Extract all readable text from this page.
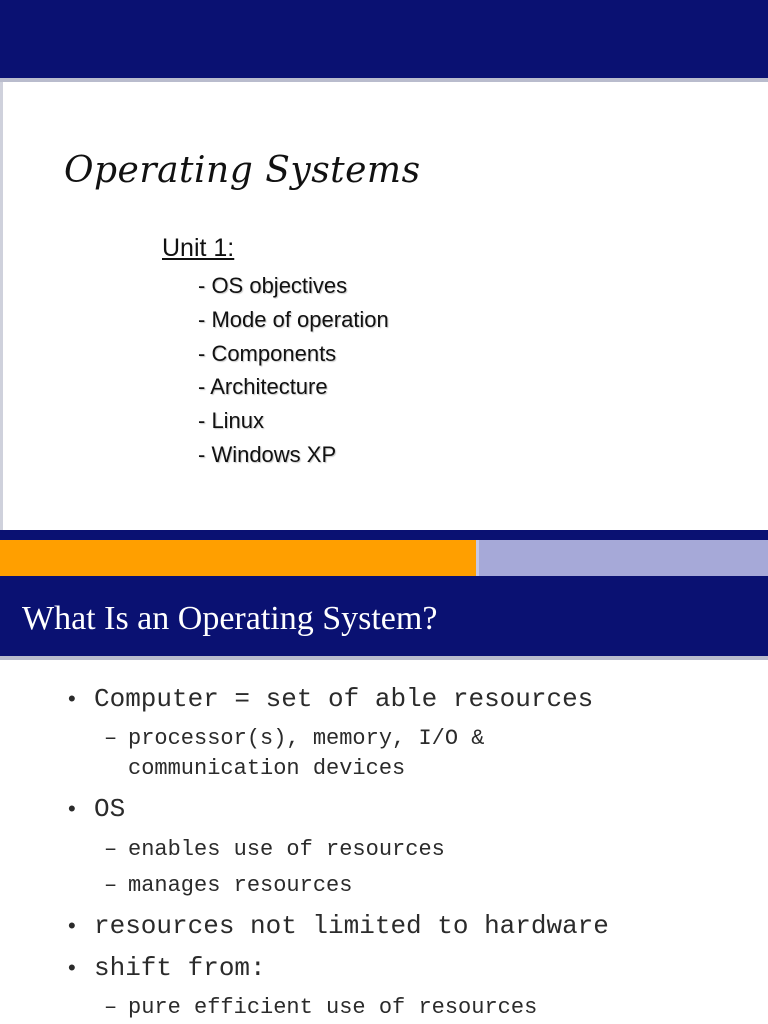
Operating Systems
Unit 1:
- OS objectives
- Mode of operation
- Components
- Architecture
- Linux
- Windows XP
What Is an Operating System?
• Computer = set of able resources
– processor(s), memory, I/O &
communication devices
• OS
– enables use of resources
– manages resources
• resources not limited to hardware
• shift from:
– pure efficient use of resources
